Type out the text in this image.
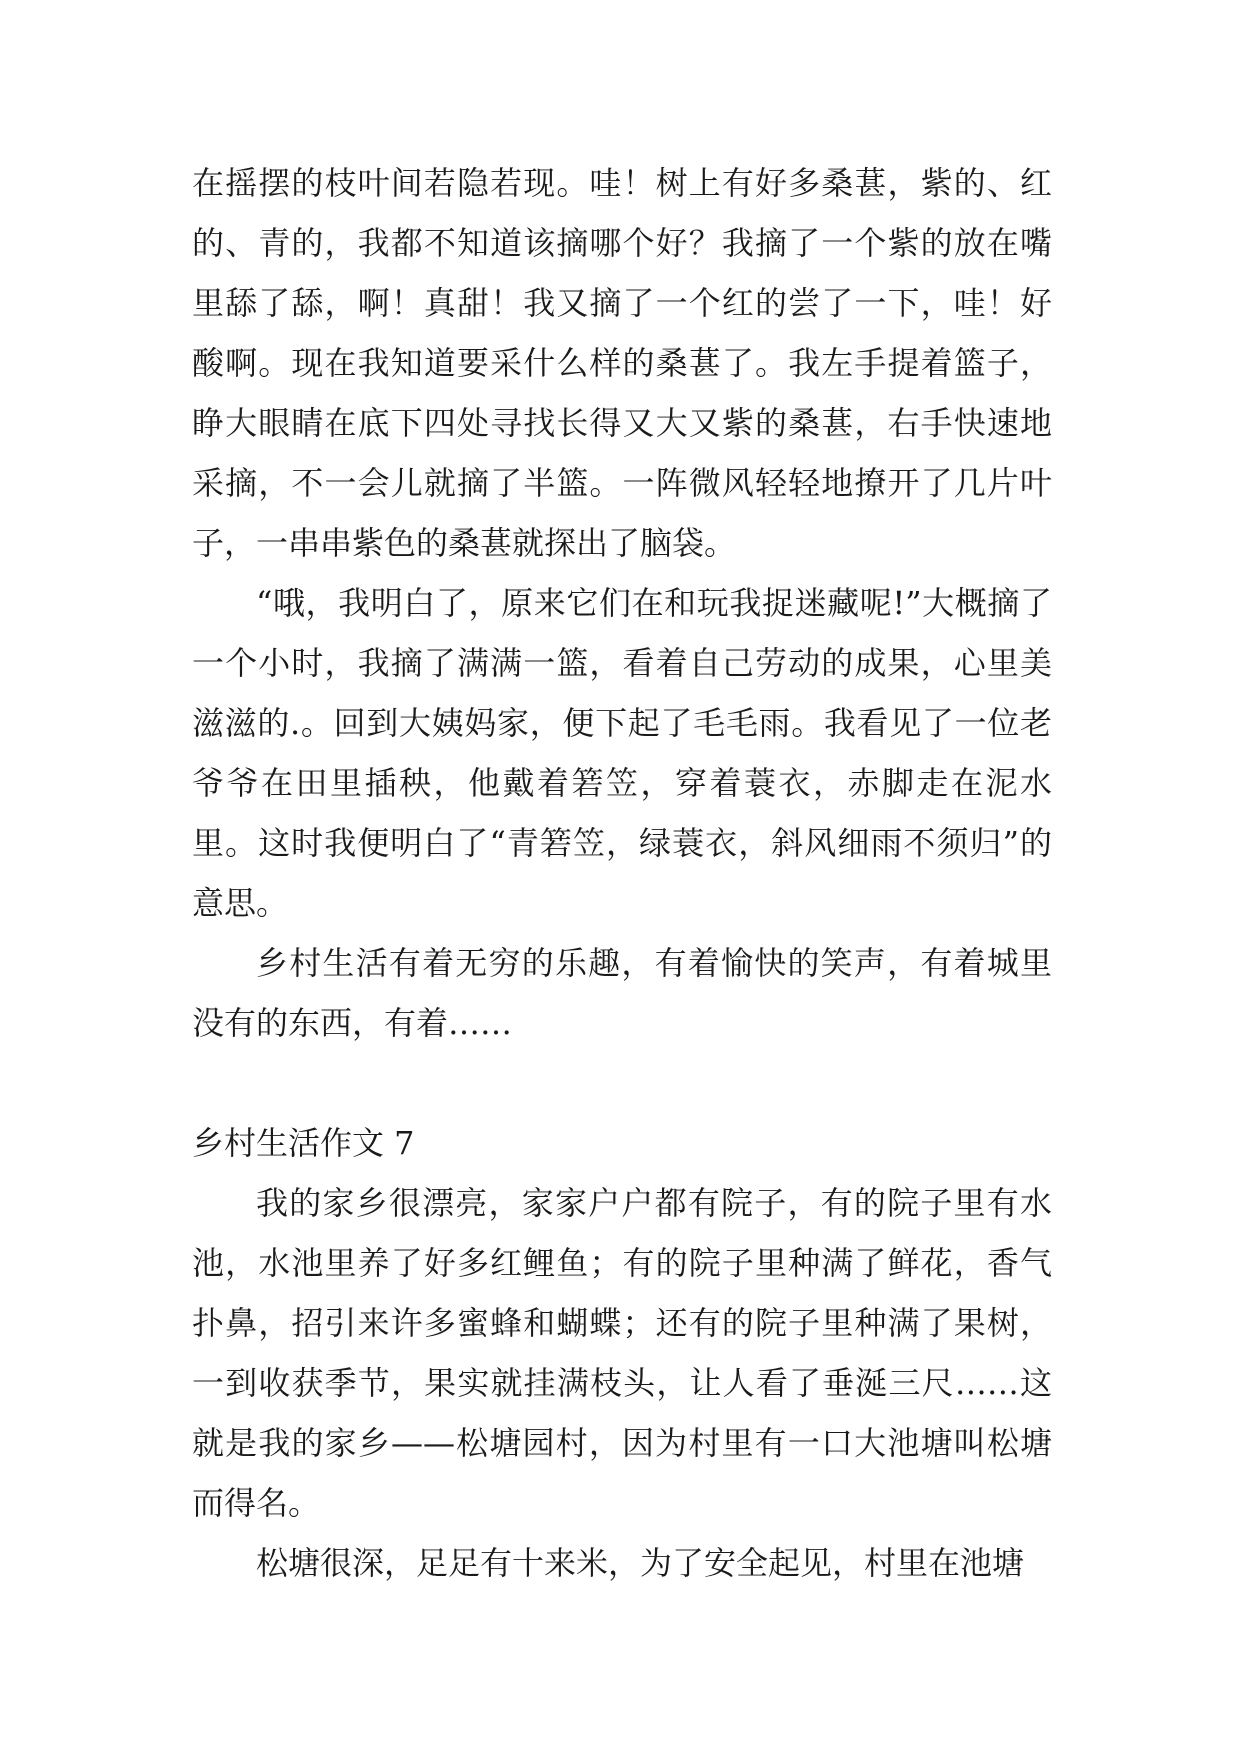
在摇摆的枝叶间若隐若现。哇！树上有好多桑葚，紫的、红的、青的，我都不知道该摘哪个好？我摘了一个紫的放在嘴里舔了舔，啊！真甜！我又摘了一个红的尝了一下，哇！好酸啊。现在我知道要采什么样的桑葚了。我左手提着篮子，睁大眼睛在底下四处寻找长得又大又紫的桑葚，右手快速地采摘，不一会儿就摘了半篮。一阵微风轻轻地撩开了几片叶子，一串串紫色的桑葚就探出了脑袋。

“哦，我明白了，原来它们在和玩我捉迷藏呢!”大概摘了一个小时，我摘了满满一篮，看着自己劳动的成果，心里美滋滋的.。回到大姨妈家，便下起了毛毛雨。我看见了一位老爷爷在田里插秧，他戴着箬笠，穿着蓑衣，赤脚走在泥水里。这时我便明白了“青箬笠，绿蓑衣，斜风细雨不须归”的意思。

乡村生活有着无穷的乐趣，有着愉快的笑声，有着城里没有的东西，有着……

乡村生活作文 7

我的家乡很漂亮，家家户户都有院子，有的院子里有水池，水池里养了好多红鲤鱼；有的院子里种满了鲜花，香气扑鼻，招引来许多蜜蜂和蝴蝶；还有的院子里种满了果树，一到收获季节，果实就挂满枝头，让人看了垂涎三尺……这就是我的家乡——松塘园村，因为村里有一口大池塘叫松塘而得名。

松塘很深，足足有十来米，为了安全起见，村里在池塘
